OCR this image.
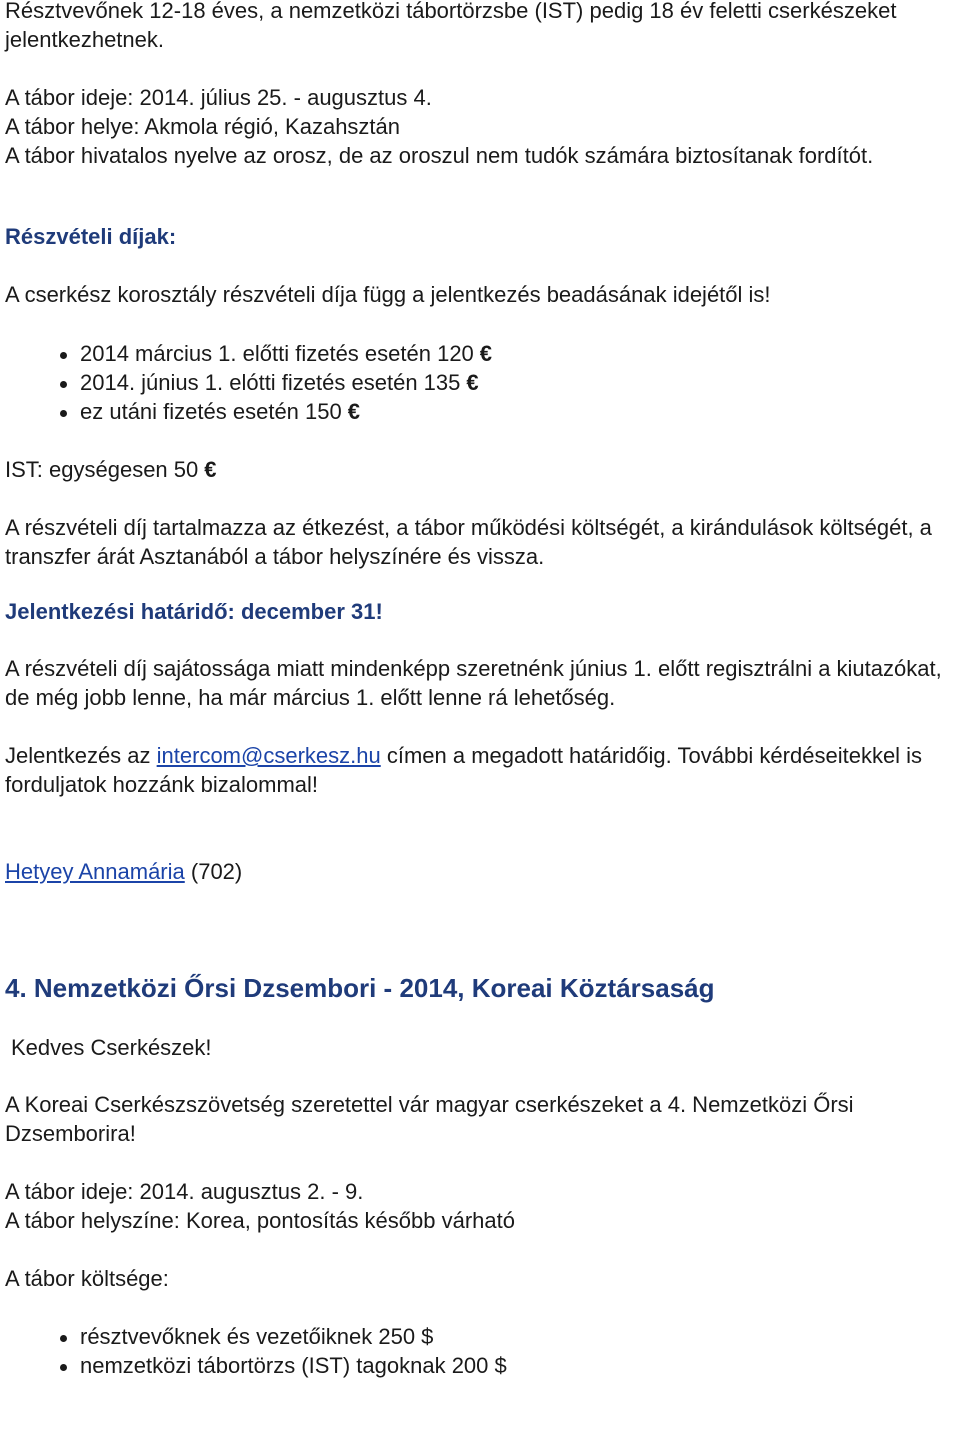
Résztvevőnek 12-18 éves, a nemzetközi tábortörzsbe (IST) pedig 18 év feletti cserkészeket jelentkezhetnek.

A tábor ideje: 2014. július 25. - augusztus 4.

A tábor helye: Akmola régió, Kazahsztán

A tábor hivatalos nyelve az orosz, de az oroszul nem tudók számára biztosítanak fordítót.

Részvételi díjak:

A cserkész korosztály részvételi díja függ a jelentkezés beadásának idejétől is!

2014 március 1. előtti fizetés esetén 120 €
2014. június 1. elótti fizetés esetén 135 €
ez utáni fizetés esetén 150 €

IST: egységesen 50 €

A részvételi díj tartalmazza az étkezést, a tábor működési költségét, a kirándulások költségét, a transzfer árát Asztanából a tábor helyszínére és vissza.

Jelentkezési határidő: december 31!

A részvételi díj sajátossága miatt mindenképp szeretnénk június 1. előtt regisztrálni a kiutazókat, de még jobb lenne, ha már március 1. előtt lenne rá lehetőség.

Jelentkezés az intercom@cserkesz.hu címen a megadott határidőig. További kérdéseitekkel is forduljatok hozzánk bizalommal!

Hetyey Annamária (702)

4. Nemzetközi Őrsi Dzsembori - 2014, Koreai Köztársaság

Kedves Cserkészek!

A Koreai Cserkészszövetség szeretettel vár magyar cserkészeket a 4. Nemzetközi Őrsi Dzsemborira!

A tábor ideje: 2014. augusztus 2. - 9.

A tábor helyszíne: Korea, pontosítás később várható

A tábor költsége:

résztvevőknek és vezetőiknek 250 $
nemzetközi tábortörzs (IST) tagoknak 200 $
